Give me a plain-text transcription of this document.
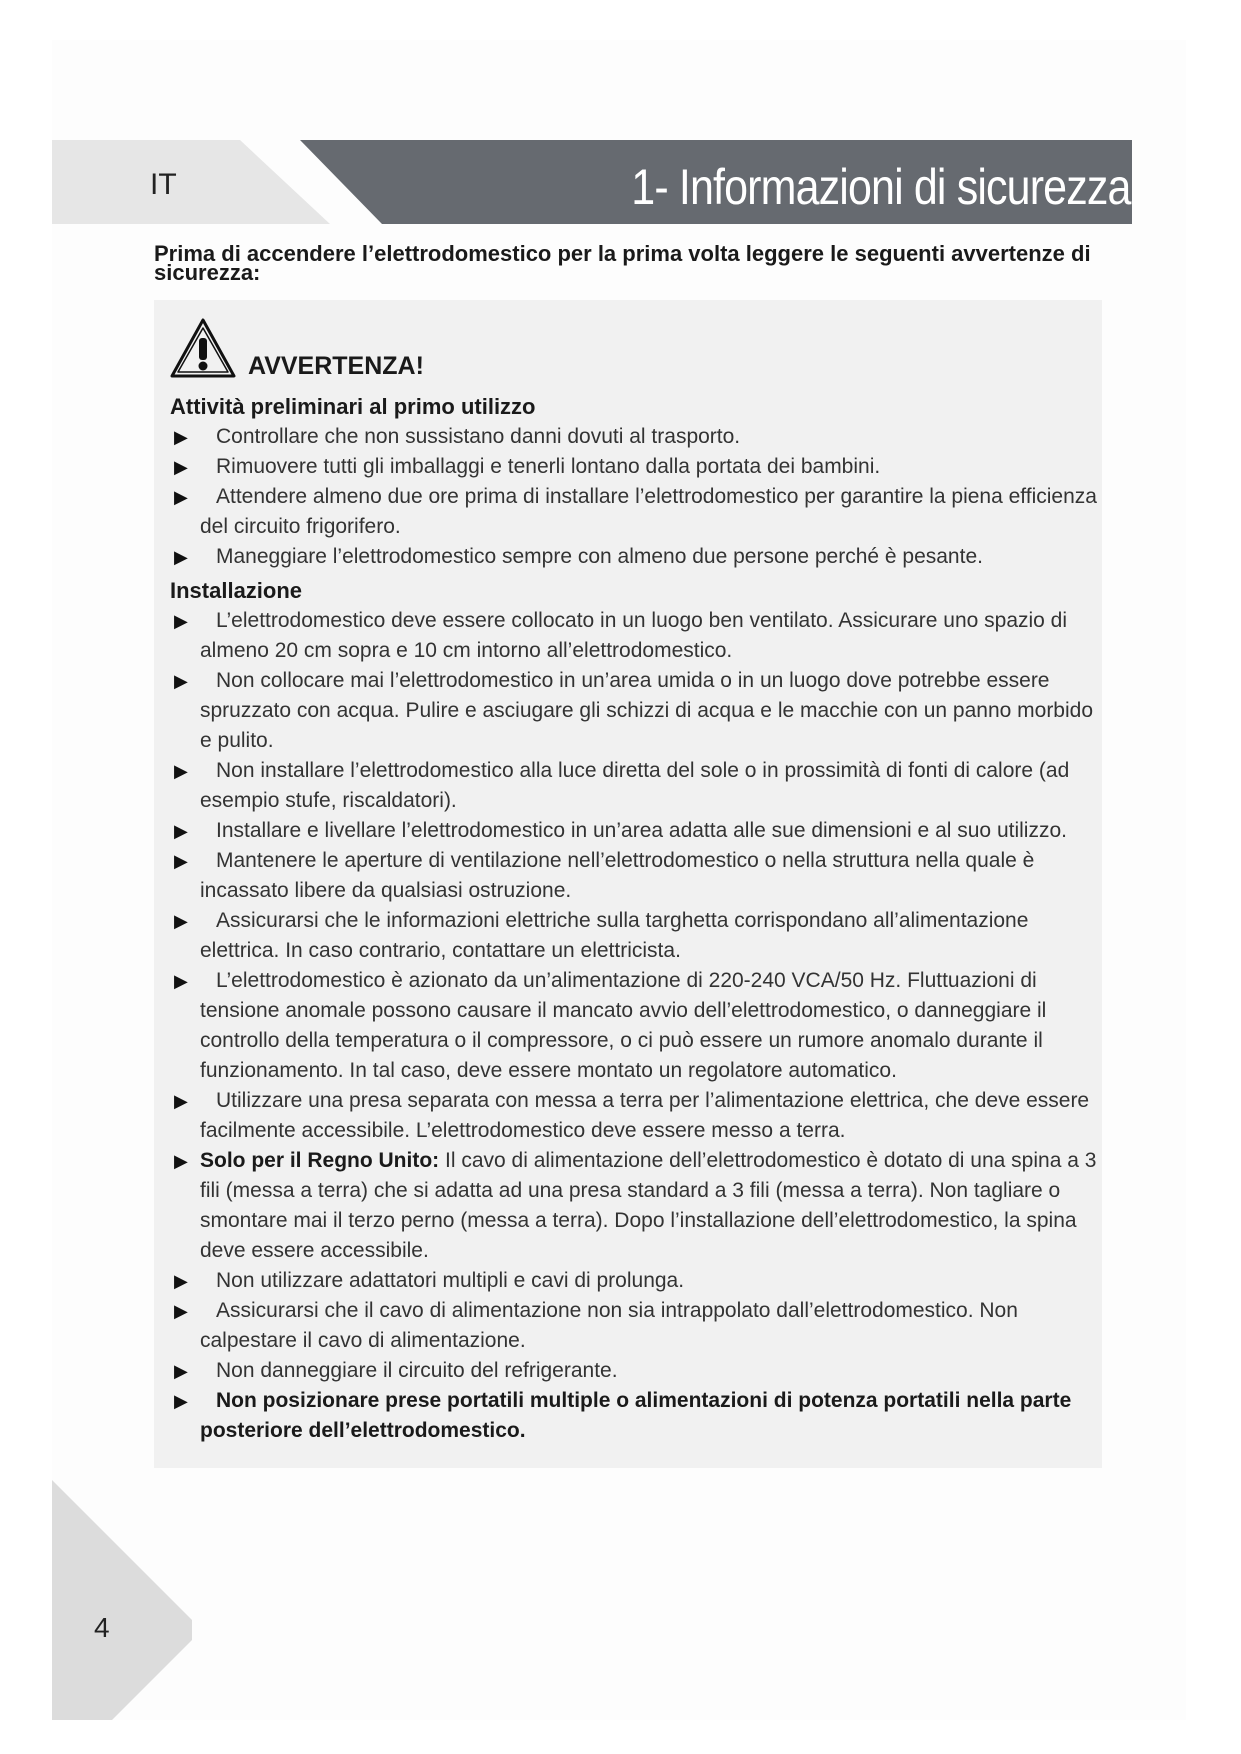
IT	1- Informazioni di sicurezza
Prima di accendere l’elettrodomestico per la prima volta leggere le seguenti avvertenze di sicurezza:
AVVERTENZA!
Attività preliminari al primo utilizzo
▶	Controllare che non sussistano danni dovuti al trasporto.
▶	Rimuovere tutti gli imballaggi e tenerli lontano dalla portata dei bambini.
▶	Attendere almeno due ore prima di installare l’elettrodomestico per garantire la piena efficienza del circuito frigorifero.
▶	Maneggiare l’elettrodomestico sempre con almeno due persone perché è pesante.
Installazione
▶	L’elettrodomestico deve essere collocato in un luogo ben ventilato. Assicurare uno spazio di almeno 20 cm sopra e 10 cm intorno all’elettrodomestico.
▶	Non collocare mai l’elettrodomestico in un’area umida o in un luogo dove potrebbe essere spruzzato con acqua. Pulire e asciugare gli schizzi di acqua e le macchie con un panno morbido e pulito.
▶	Non installare l’elettrodomestico alla luce diretta del sole o in prossimità di fonti di calore (ad esempio stufe, riscaldatori).
▶	Installare e livellare l’elettrodomestico in un’area adatta alle sue dimensioni e al suo utilizzo.
▶	Mantenere le aperture di ventilazione nell’elettrodomestico o nella struttura nella quale è incassato libere da qualsiasi ostruzione.
▶	Assicurarsi che le informazioni elettriche sulla targhetta corrispondano all’alimentazione elettrica. In caso contrario, contattare un elettricista.
▶	L’elettrodomestico è azionato da un’alimentazione di 220-240 VCA/50 Hz. Fluttuazioni di tensione anomale possono causare il mancato avvio dell’elettrodomestico, o danneggiare il controllo della temperatura o il compressore, o ci può essere un rumore anomalo durante il funzionamento. In tal caso, deve essere montato un regolatore automatico.
▶	Utilizzare una presa separata con messa a terra per l’alimentazione elettrica, che deve essere facilmente accessibile. L’elettrodomestico deve essere messo a terra.
▶ Solo per il Regno Unito: Il cavo di alimentazione dell’elettrodomestico è dotato di una spina a 3 fili (messa a terra) che si adatta ad una presa standard a 3 fili (messa a terra). Non tagliare o smontare mai il terzo perno (messa a terra). Dopo l’installazione dell’elettrodomestico, la spina deve essere accessibile.
▶	Non utilizzare adattatori multipli e cavi di prolunga.
▶	Assicurarsi che il cavo di alimentazione non sia intrappolato dall’elettrodomestico. Non calpestare il cavo di alimentazione.
▶	Non danneggiare il circuito del refrigerante.
▶	Non posizionare prese portatili multiple o alimentazioni di potenza portatili nella parte posteriore dell’elettrodomestico.
4
